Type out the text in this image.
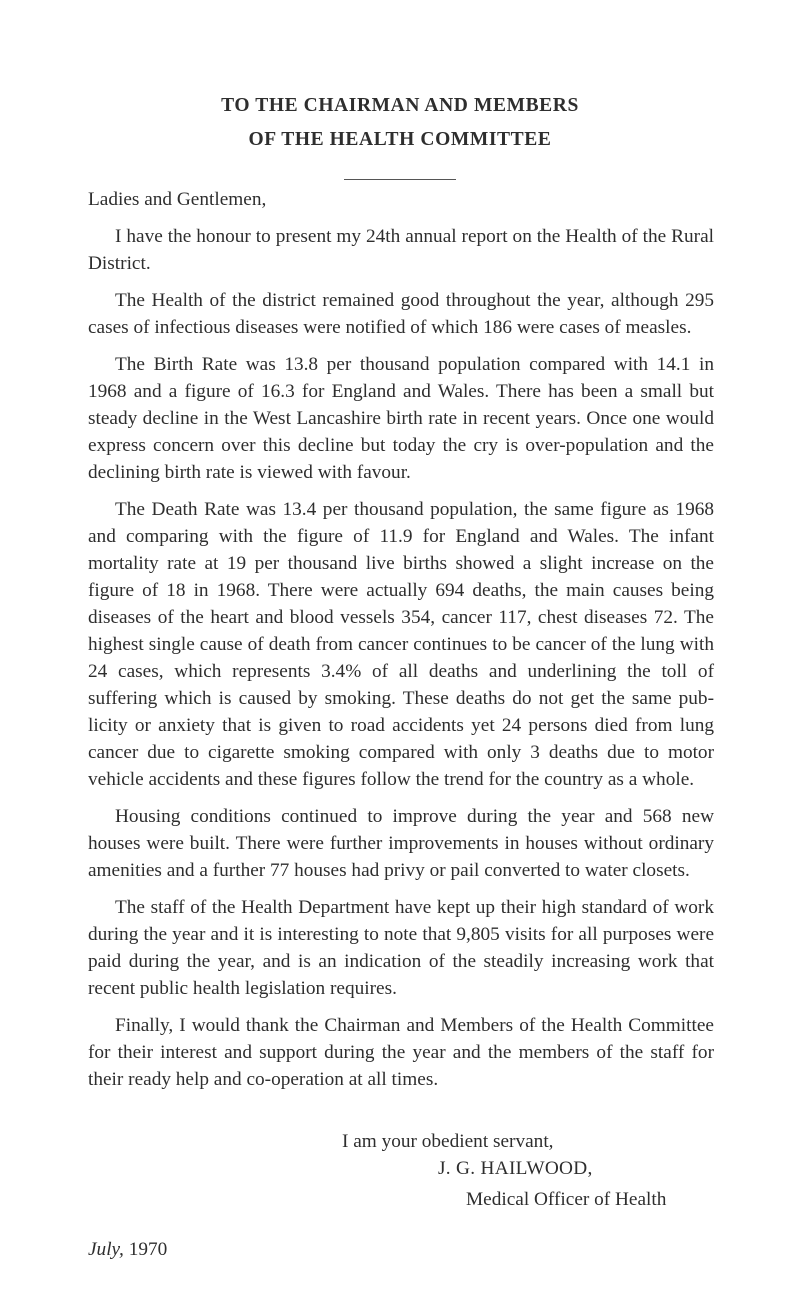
TO THE CHAIRMAN AND MEMBERS
OF THE HEALTH COMMITTEE

Ladies and Gentlemen,

I have the honour to present my 24th annual report on the Health of the Rural District.

The Health of the district remained good throughout the year, although 295 cases of infectious diseases were notified of which 186 were cases of measles.

The Birth Rate was 13.8 per thousand population compared with 14.1 in 1968 and a figure of 16.3 for England and Wales. There has been a small but steady decline in the West Lancashire birth rate in recent years. Once one would express concern over this decline but today the cry is over-population and the declining birth rate is viewed with favour.

The Death Rate was 13.4 per thousand population, the same figure as 1968 and comparing with the figure of 11.9 for England and Wales. The infant mortality rate at 19 per thousand live births showed a slight increase on the figure of 18 in 1968. There were actually 694 deaths, the main causes being diseases of the heart and blood vessels 354, cancer 117, chest diseases 72. The highest single cause of death from cancer continues to be cancer of the lung with 24 cases, which represents 3.4% of all deaths and underlining the toll of suffering which is caused by smoking. These deaths do not get the same publicity or anxiety that is given to road accidents yet 24 persons died from lung cancer due to cigarette smoking compared with only 3 deaths due to motor vehicle accidents and these figures follow the trend for the country as a whole.

Housing conditions continued to improve during the year and 568 new houses were built. There were further improvements in houses without ordinary amenities and a further 77 houses had privy or pail converted to water closets.

The staff of the Health Department have kept up their high standard of work during the year and it is interesting to note that 9,805 visits for all purposes were paid during the year, and is an indication of the steadily increasing work that recent public health legislation requires.

Finally, I would thank the Chairman and Members of the Health Committee for their interest and support during the year and the members of the staff for their ready help and co-operation at all times.

I am your obedient servant,
J. G. HAILWOOD,
Medical Officer of Health
July, 1970
